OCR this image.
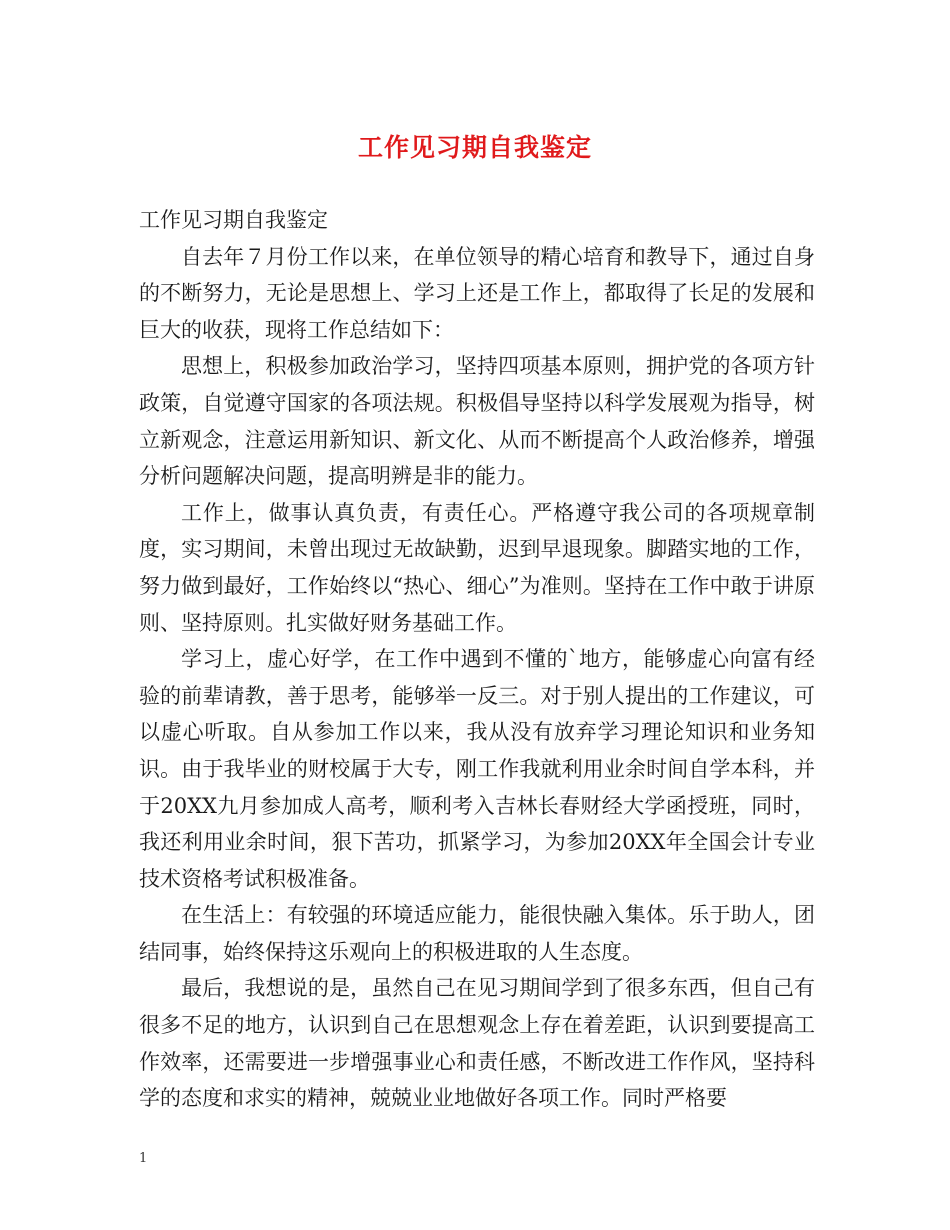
工作见习期自我鉴定

工作见习期自我鉴定

自去年７月份工作以来，在单位领导的精心培育和教导下，通过自身的不断努力，无论是思想上、学习上还是工作上，都取得了长足的发展和巨大的收获，现将工作总结如下：

思想上，积极参加政治学习，坚持四项基本原则，拥护党的各项方针政策，自觉遵守国家的各项法规。积极倡导坚持以科学发展观为指导，树立新观念，注意运用新知识、新文化、从而不断提高个人政治修养，增强分析问题解决问题，提高明辨是非的能力。

工作上，做事认真负责，有责任心。严格遵守我公司的各项规章制度，实习期间，未曾出现过无故缺勤，迟到早退现象。脚踏实地的工作，努力做到最好，工作始终以“热心、细心”为准则。坚持在工作中敢于讲原则、坚持原则。扎实做好财务基础工作。

学习上，虚心好学，在工作中遇到不懂的`地方，能够虚心向富有经验的前辈请教，善于思考，能够举一反三。对于别人提出的工作建议，可以虚心听取。自从参加工作以来，我从没有放弃学习理论知识和业务知识。由于我毕业的财校属于大专，刚工作我就利用业余时间自学本科，并于20XX九月参加成人高考，顺利考入吉林长春财经大学函授班，同时，我还利用业余时间，狠下苦功，抓紧学习，为参加20XX年全国会计专业技术资格考试积极准备。

在生活上：有较强的环境适应能力，能很快融入集体。乐于助人，团结同事，始终保持这乐观向上的积极进取的人生态度。

最后，我想说的是，虽然自己在见习期间学到了很多东西，但自己有很多不足的地方，认识到自己在思想观念上存在着差距，认识到要提高工作效率，还需要进一步增强事业心和责任感，不断改进工作作风，坚持科学的态度和求实的精神，兢兢业业地做好各项工作。同时严格要

1
